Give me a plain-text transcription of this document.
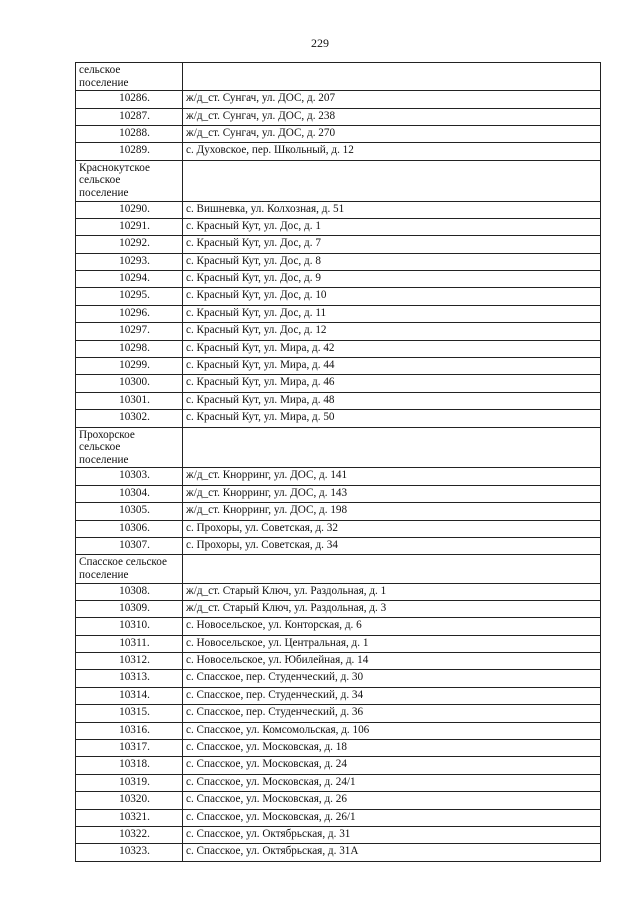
229
сельское
поселение	
10286.	ж/д_ст. Сунгач, ул. ДОС, д. 207
10287.	ж/д_ст. Сунгач, ул. ДОС, д. 238
10288.	ж/д_ст. Сунгач, ул. ДОС, д. 270
10289.	с. Духовское, пер. Школьный, д. 12
Краснокутское
сельское
поселение	
10290.	с. Вишневка, ул. Колхозная, д. 51
10291.	с. Красный Кут, ул. Дос, д. 1
10292.	с. Красный Кут, ул. Дос, д. 7
10293.	с. Красный Кут, ул. Дос, д. 8
10294.	с. Красный Кут, ул. Дос, д. 9
10295.	с. Красный Кут, ул. Дос, д. 10
10296.	с. Красный Кут, ул. Дос, д. 11
10297.	с. Красный Кут, ул. Дос, д. 12
10298.	с. Красный Кут, ул. Мира, д. 42
10299.	с. Красный Кут, ул. Мира, д. 44
10300.	с. Красный Кут, ул. Мира, д. 46
10301.	с. Красный Кут, ул. Мира, д. 48
10302.	с. Красный Кут, ул. Мира, д. 50
Прохорское
сельское
поселение	
10303.	ж/д_ст. Кнорринг, ул. ДОС, д. 141
10304.	ж/д_ст. Кнорринг, ул. ДОС, д. 143
10305.	ж/д_ст. Кнорринг, ул. ДОС, д. 198
10306.	с. Прохоры, ул. Советская, д. 32
10307.	с. Прохоры, ул. Советская, д. 34
Спасское сельское
поселение	
10308.	ж/д_ст. Старый Ключ, ул. Раздольная, д. 1
10309.	ж/д_ст. Старый Ключ, ул. Раздольная, д. 3
10310.	с. Новосельское, ул. Конторская, д. 6
10311.	с. Новосельское, ул. Центральная, д. 1
10312.	с. Новосельское, ул. Юбилейная, д. 14
10313.	с. Спасское, пер. Студенческий, д. 30
10314.	с. Спасское, пер. Студенческий, д. 34
10315.	с. Спасское, пер. Студенческий, д. 36
10316.	с. Спасское, ул. Комсомольская, д. 106
10317.	с. Спасское, ул. Московская, д. 18
10318.	с. Спасское, ул. Московская, д. 24
10319.	с. Спасское, ул. Московская, д. 24/1
10320.	с. Спасское, ул. Московская, д. 26
10321.	с. Спасское, ул. Московская, д. 26/1
10322.	с. Спасское, ул. Октябрьская, д. 31
10323.	с. Спасское, ул. Октябрьская, д. 31А
